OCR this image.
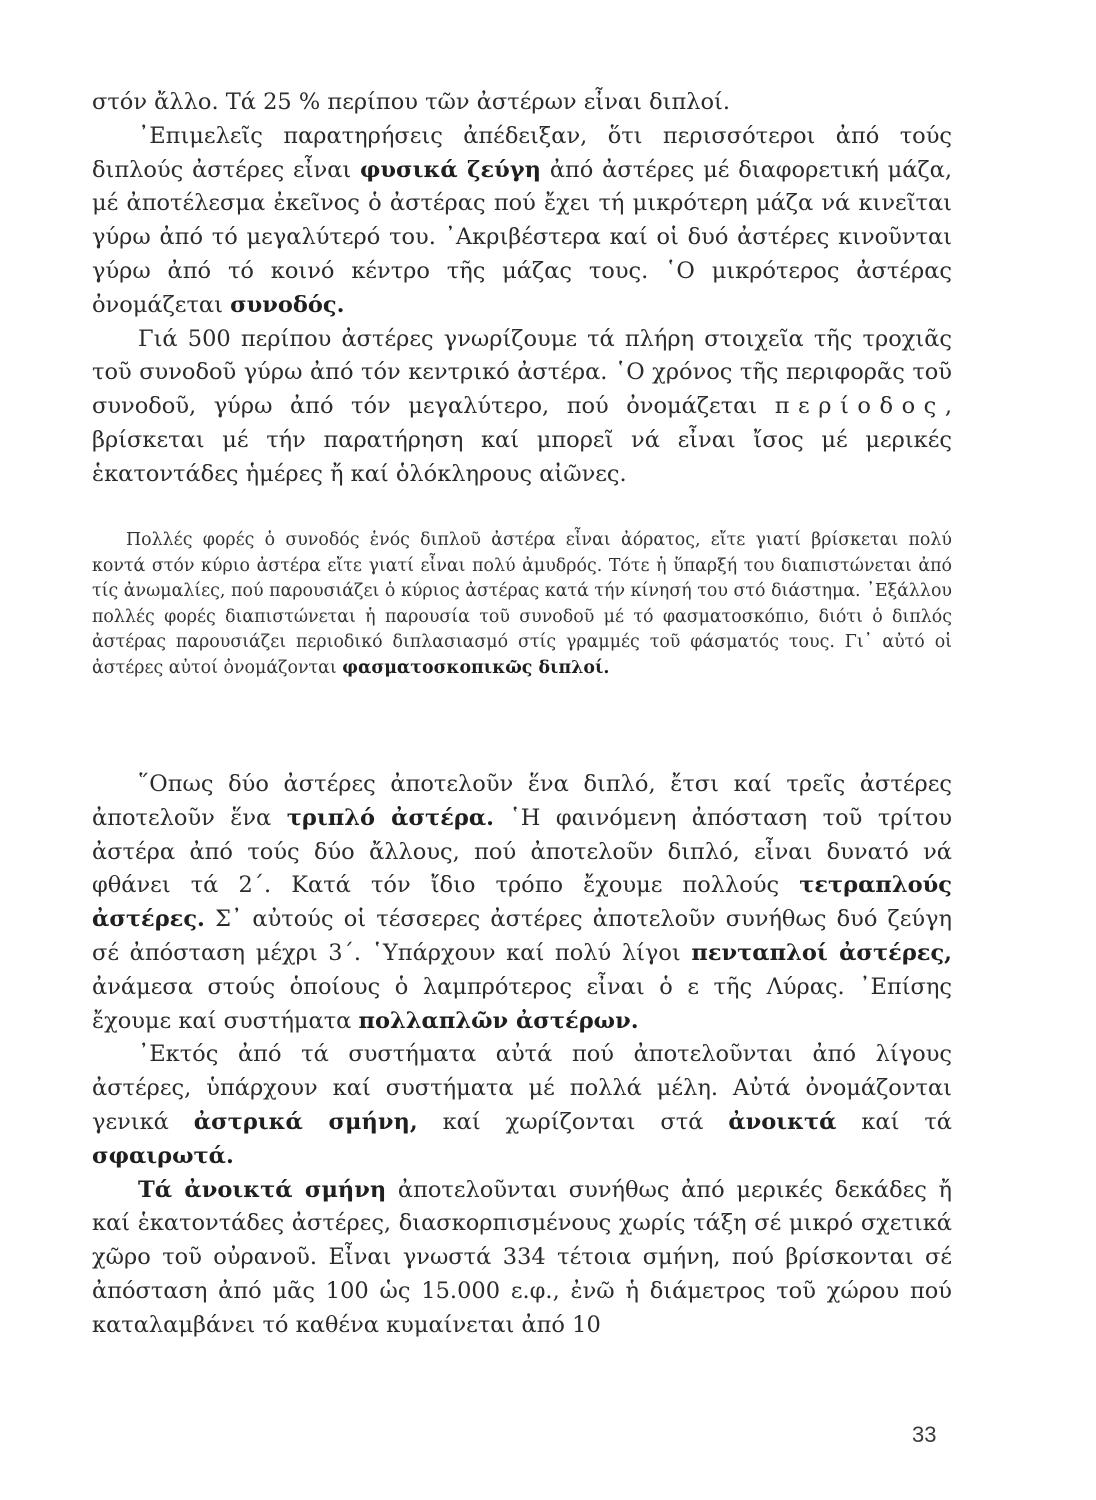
στόν ἄλλο. Τά 25 % περίπου τῶν ἀστέρων εἶναι διπλοί.

᾽Επιμελεῖς παρατηρήσεις ἀπέδειξαν, ὅτι περισσότεροι ἀπό τούς διπλούς ἀστέρες εἶναι φυσικά ζεύγη ἀπό ἀστέρες μέ διαφορετική μάζα, μέ ἀποτέλεσμα ἐκεῖνος ὁ ἀστέρας πού ἔχει τή μικρότερη μάζα νά κινεῖται γύρω ἀπό τό μεγαλύτερό του. ᾽Ακριβέστερα καί οἱ δυό ἀστέρες κινοῦνται γύρω ἀπό τό κοινό κέντρο τῆς μάζας τους. ῾Ο μικρότερος ἀστέρας ὀνομάζεται συνοδός.

Γιά 500 περίπου ἀστέρες γνωρίζουμε τά πλήρη στοιχεῖα τῆς τροχιᾶς τοῦ συνοδοῦ γύρω ἀπό τόν κεντρικό ἀστέρα. ῾Ο χρόνος τῆς περιφορᾶς τοῦ συνοδοῦ, γύρω ἀπό τόν μεγαλύτερο, πού ὀνομάζεται περίοδος, βρίσκεται μέ τήν παρατήρηση καί μπορεῖ νά εἶναι ἴσος μέ μερικές ἑκατοντάδες ἡμέρες ἤ καί ὁλόκληρους αἰῶνες.

Πολλές φορές ὁ συνοδός ἑνός διπλοῦ ἀστέρα εἶναι ἀόρατος, εἴτε γιατί βρίσκεται πολύ κοντά στόν κύριο ἀστέρα εἴτε γιατί εἶναι πολύ ἀμυδρός. Τότε ἡ ὕπαρξή του διαπιστώνεται ἀπό τίς ἀνωμαλίες, πού παρουσιάζει ὁ κύριος ἀστέρας κατά τήν κίνησή του στό διάστημα. ᾽Εξάλλου πολλές φορές διαπιστώνεται ἡ παρουσία τοῦ συνοδοῦ μέ τό φασματοσκόπιο, διότι ὁ διπλός ἀστέρας παρουσιάζει περιοδικό διπλασιασμό στίς γραμμές τοῦ φάσματός τους. Γι᾽ αὐτό οἱ ἀστέρες αὐτοί ὀνομάζονται φασματοσκοπικῶς διπλοί.

῞Οπως δύο ἀστέρες ἀποτελοῦν ἕνα διπλό, ἔτσι καί τρεῖς ἀστέρες ἀποτελοῦν ἕνα τριπλό ἀστέρα. ῾Η φαινόμενη ἀπόσταση τοῦ τρίτου ἀστέρα ἀπό τούς δύο ἄλλους, πού ἀποτελοῦν διπλό, εἶναι δυνατό νά φθάνει τά 2΄. Κατά τόν ἴδιο τρόπο ἔχουμε πολλούς τετραπλούς ἀστέρες. Σ᾽ αὐτούς οἱ τέσσερες ἀστέρες ἀποτελοῦν συνήθως δυό ζεύγη σέ ἀπόσταση μέχρι 3΄. ῾Υπάρχουν καί πολύ λίγοι πενταπλοί ἀστέρες, ἀνάμεσα στούς ὁποίους ὁ λαμπρότερος εἶναι ὁ ε τῆς Λύρας. ᾽Επίσης ἔχουμε καί συστήματα πολλαπλῶν ἀστέρων.

᾽Εκτός ἀπό τά συστήματα αὐτά πού ἀποτελοῦνται ἀπό λίγους ἀστέρες, ὑπάρχουν καί συστήματα μέ πολλά μέλη. Αὐτά ὀνομάζονται γενικά ἀστρικά σμήνη, καί χωρίζονται στά ἀνοικτά καί τά σφαιρωτά.

Τά ἀνοικτά σμήνη ἀποτελοῦνται συνήθως ἀπό μερικές δεκάδες ἤ καί ἑκατοντάδες ἀστέρες, διασκορπισμένους χωρίς τάξη σέ μικρό σχετικά χῶρο τοῦ οὐρανοῦ. Εἶναι γνωστά 334 τέτοια σμήνη, πού βρίσκονται σέ ἀπόσταση ἀπό μᾶς 100 ὡς 15.000 ε.φ., ἐνῶ ἡ διάμετρος τοῦ χώρου πού καταλαμβάνει τό καθένα κυμαίνεται ἀπό 10

33
